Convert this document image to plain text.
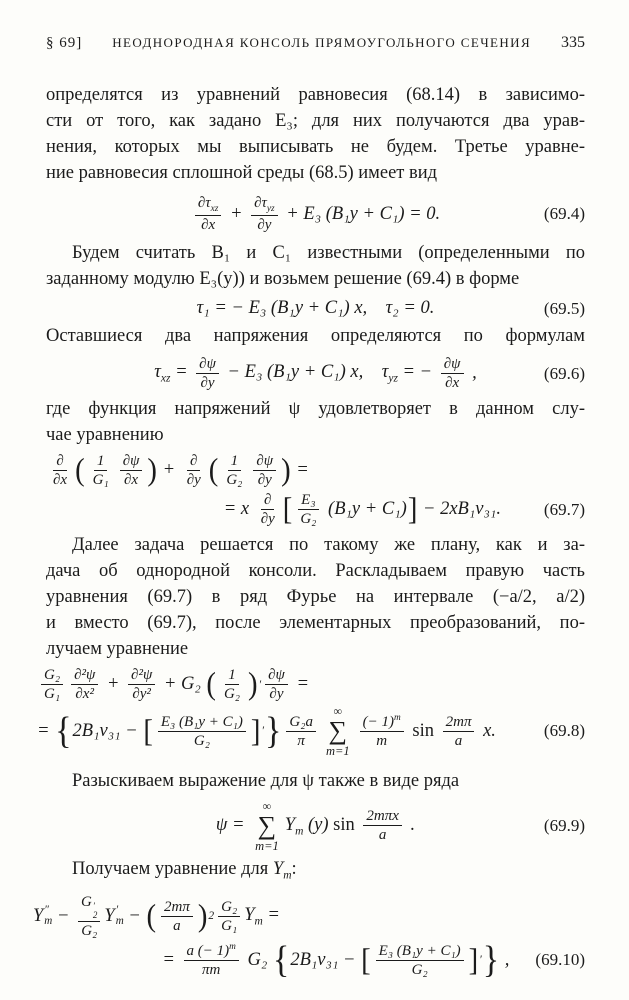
§ 69]	НЕОДНОРОДНАЯ КОНСОЛЬ ПРЯМОУГОЛЬНОГО СЕЧЕНИЯ	335
определятся из уравнений равновесия (68.14) в зависимо-
сти от того, как задано E₃; для них получаются два урав-
нения, которых мы выписывать не будем. Третье уравне-
ние равновесия сплошной среды (68.5) имеет вид
$\partial\tau_{xz}$
∂x
+
$\partial\tau_{yz}$
∂y
+ E₃ (B₁y + C₁) = 0.	(69.4)
Будем считать B₁ и C₁ известными (определенными по
заданному модулю E₃(y)) и возьмем решение (69.4) в форме
τ₁ = − E₃ (B₁y + C₁) x,  τ₂ = 0.	(69.5)
Оставшиеся два напряжения определяются по формулам
$\tau_{xz} = \frac{\partial\psi}{\partial y} - E_3$ (B₁y + C₁) x,  $\tau_{yz}$ = − $\frac{\partial\psi}{\partial x}$ ,	(69.6)
где функция напряжений ψ удовлетворяет в данном слу-
чае уравнению
∂
∂x ( 1
G₁
∂ψ
∂x ) + ∂
∂y ( 1
G₂
∂ψ
∂y ) =
= x ∂
∂y [ E₃
G₂ (B₁y + C₁) ] − 2xB₁ν₃₁.	(69.7)
Далее задача решается по такому же плану, как и за-
дача об однородной консоли. Раскладываем правую часть
уравнения (69.7) в ряд Фурье на интервале (−a/2, a/2)
и вместо (69.7), после элементарных преобразований, по-
лучаем уравнение
G₂
G₁
∂²ψ
$\partial x^2 + \frac{\text{∂²ψ}}{\text{∂y²}} + G_2$ ( 1
G₂ ) ′ $\frac{\partial\psi}{\partial y}$ =
= { 2B₁ν₃₁ − [ E₃ (B₁y + C₁)
G₂ ] ′ } G₂a
π
∞
∑
m=1
$\frac{(- 1)^m}{m}$ sin 2mπ
a x.	(69.8)
Разыскиваем выражение для ψ также в виде ряда
ψ =
∞
∑
m=1
$Y_m$ (y) sin 2mπx
a .	(69.9)
Получаем уравнение для $Y_m$:
Y ″
m − G ′
2
G₂ Y ′
m − ( 2mπ
a ) 2
G₂
G₁
$Y_m$ =
= $\frac{a (- 1)^m}{\pi m} G_2$ { 2B₁ν₃₁ − [ E₃ (B₁y + C₁)
G₂ ] ′ } , (69.10)
